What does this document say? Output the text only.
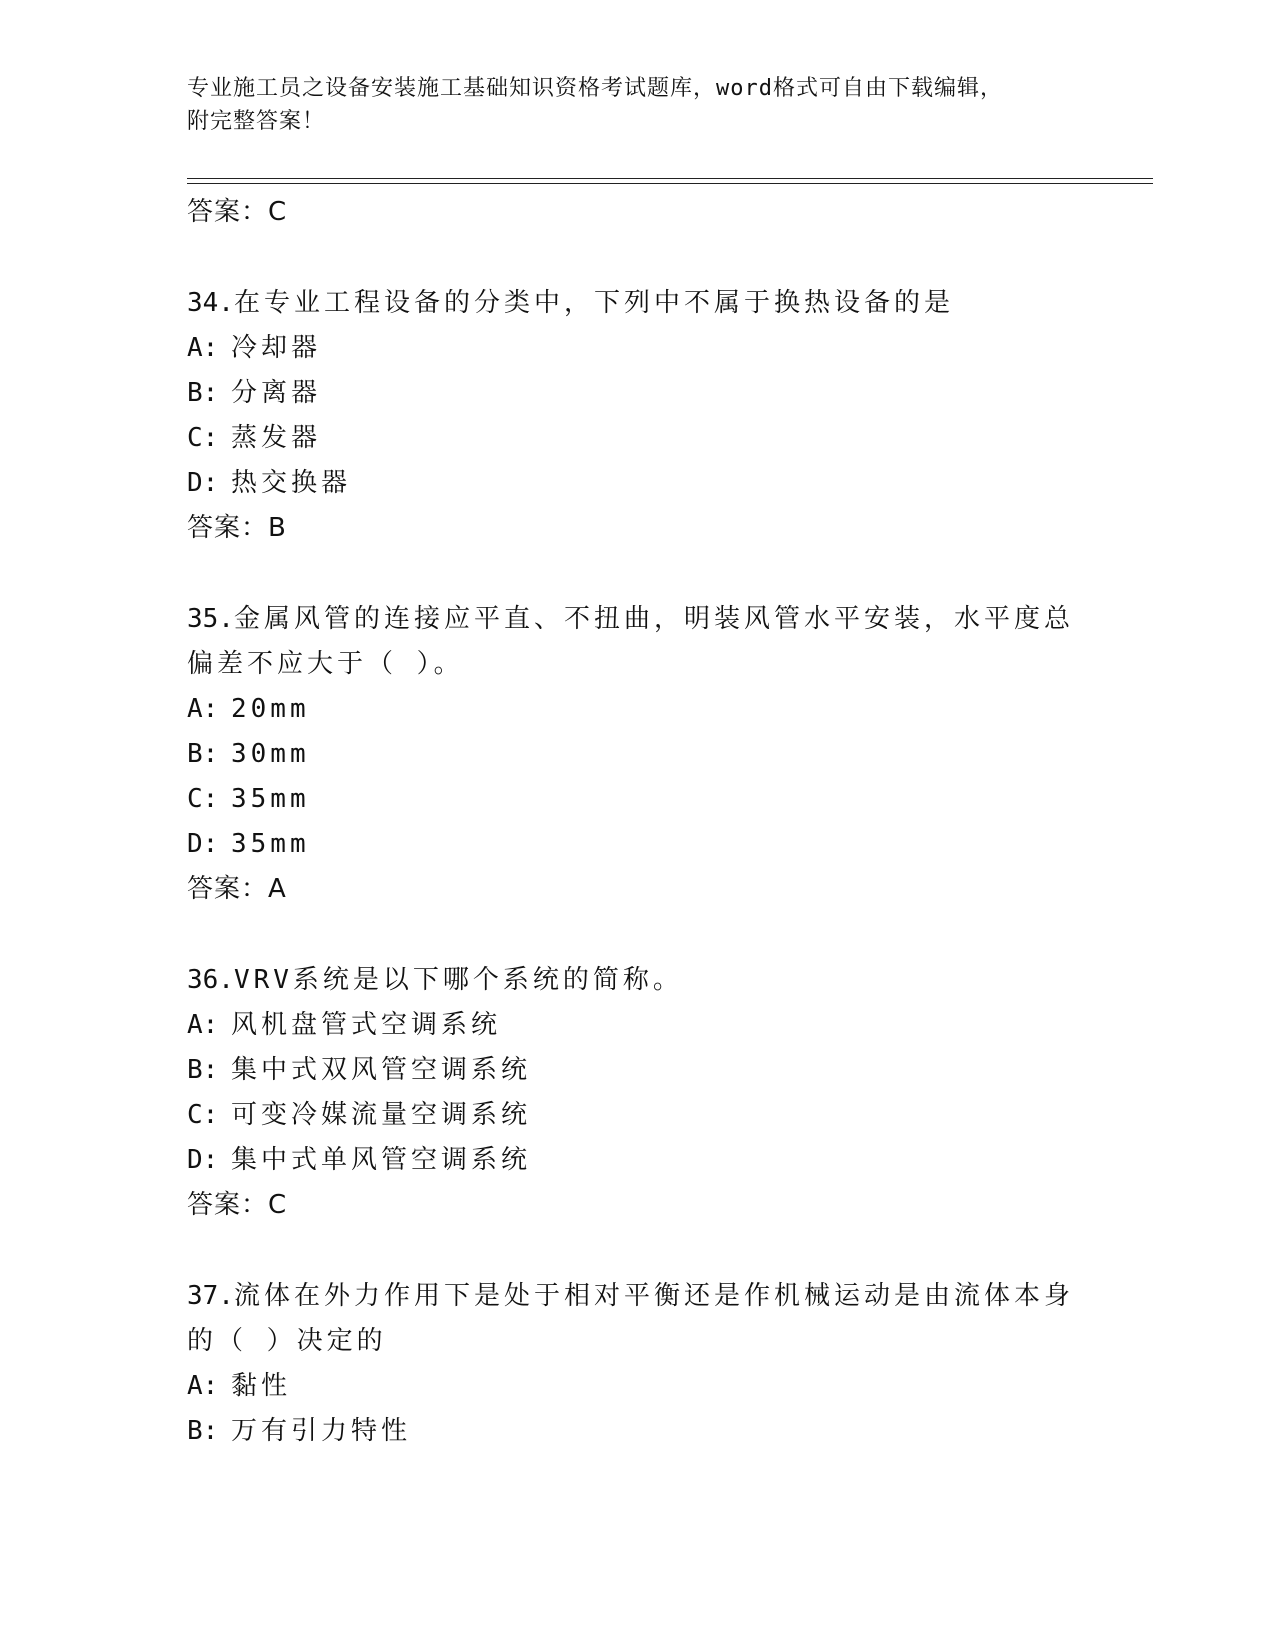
专业施工员之设备安装施工基础知识资格考试题库，word格式可自由下载编辑，
附完整答案！
答案：C
34.在专业工程设备的分类中，下列中不属于换热设备的是
A: 冷却器
B: 分离器
C: 蒸发器
D: 热交换器
答案：B
35.金属风管的连接应平直、不扭曲，明装风管水平安装，水平度总偏差不应大于（ ）。
A: 20mm
B: 30mm
C: 35mm
D: 35mm
答案：A
36.VRV系统是以下哪个系统的简称。
A: 风机盘管式空调系统
B: 集中式双风管空调系统
C: 可变冷媒流量空调系统
D: 集中式单风管空调系统
答案：C
37.流体在外力作用下是处于相对平衡还是作机械运动是由流体本身的（ ）决定的
A: 黏性
B: 万有引力特性
